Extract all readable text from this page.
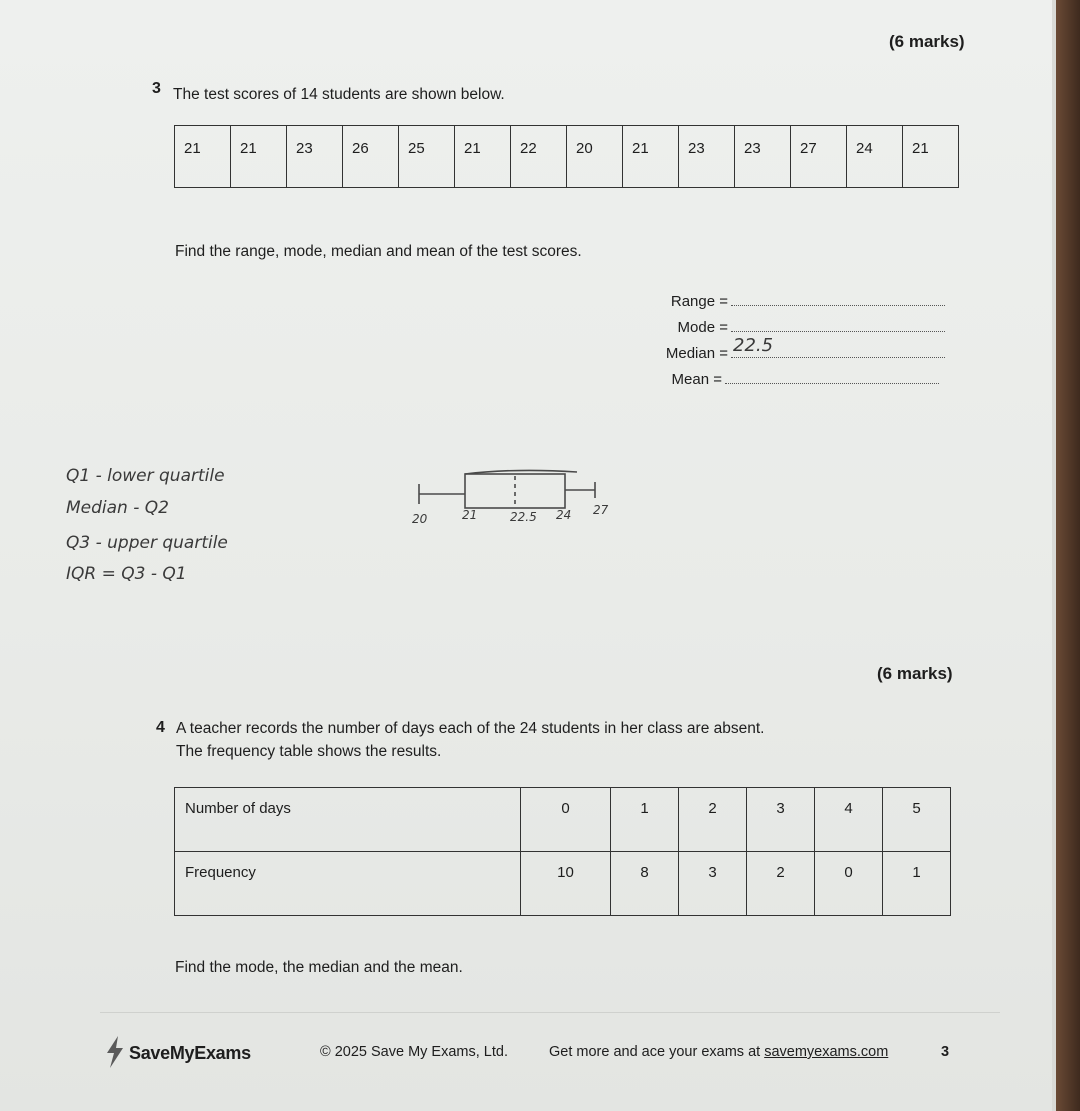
(6 marks)
3 The test scores of 14 students are shown below.
21	21	23	26	25	21	22	20	21	23	23	27	24	21
Find the range, mode, median and mean of the test scores.
Range =
Mode =
Median = 22.5
Mean =
Q1 - lower quartile
Median - Q2
Q3 - upper quartile
IQR = Q3 - Q1
20	21	22.5 24 27
(6 marks)
4 A teacher records the number of days each of the 24 students in her class are absent.
The frequency table shows the results.
Number of days	0	1	2	3	4	5
Frequency	10	8	3	2	0	1
Find the mode, the median and the mean.
SaveMyExams	© 2025 Save My Exams, Ltd.	Get more and ace your exams at savemyexams.com	3
